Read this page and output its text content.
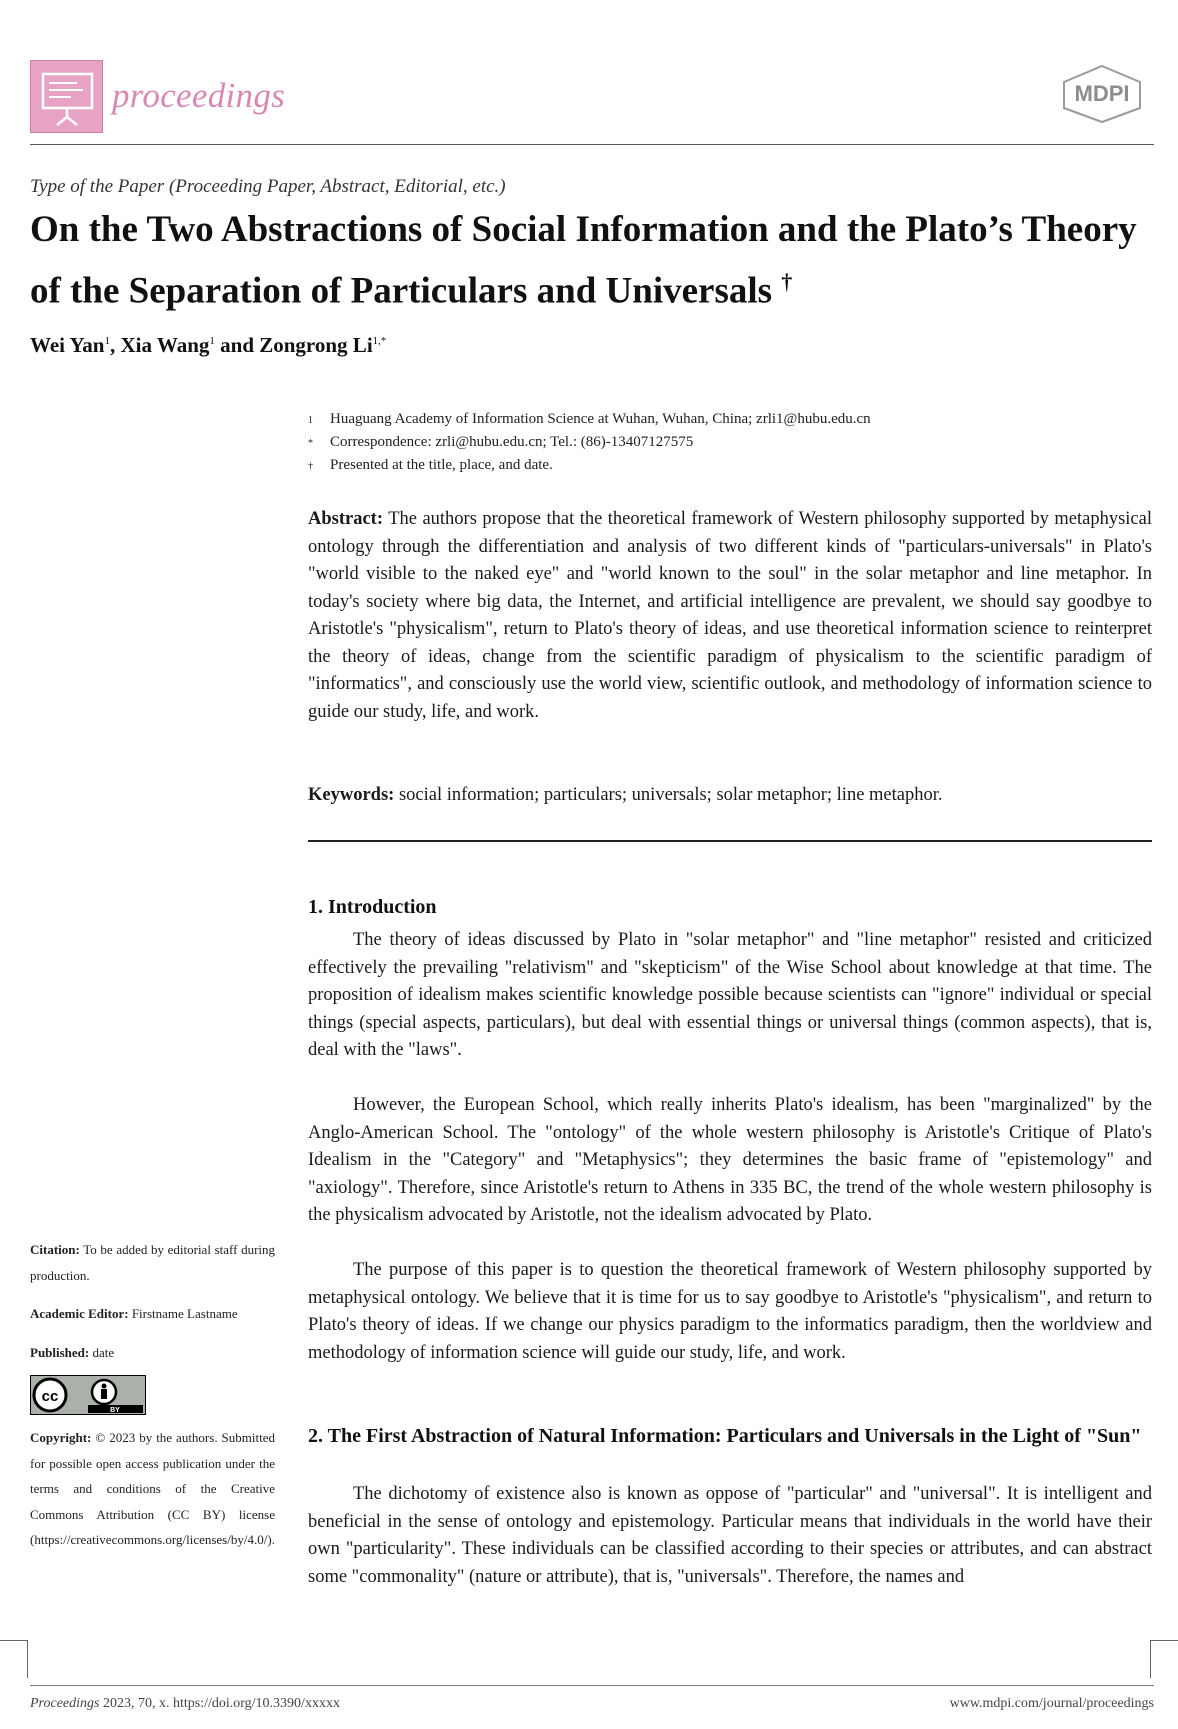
proceedings	MDPI
Type of the Paper (Proceeding Paper, Abstract, Editorial, etc.)
On the Two Abstractions of Social Information and the Plato’s Theory of the Separation of Particulars and Universals †
Wei Yan$^1$, Xia Wang$^1$ and Zongrong $Li^{1,*}$
1 Huaguang Academy of Information Science at Wuhan, Wuhan, China; zrli1@hubu.edu.cn
* Correspondence: zrli@hubu.edu.cn; Tel.: (86)-13407127575
† Presented at the title, place, and date.

Abstract: The authors propose that the theoretical framework of Western philosophy supported by metaphysical ontology through the differentiation and analysis of two different kinds of "particulars-universals" in Plato's "world visible to the naked eye" and "world known to the soul" in the solar metaphor and line metaphor. In today's society where big data, the Internet, and artificial intelligence are prevalent, we should say goodbye to Aristotle's "physicalism", return to Plato's theory of ideas, and use theoretical information science to reinterpret the theory of ideas, change from the scientific paradigm of physicalism to the scientific paradigm of "informatics", and consciously use the world view, scientific outlook, and methodology of information science to guide our study, life, and work.

Keywords: social information; particulars; universals; solar metaphor; line metaphor.

1. Introduction

The theory of ideas discussed by Plato in "solar metaphor" and "line metaphor" resisted and criticized effectively the prevailing "relativism" and "skepticism" of the Wise School about knowledge at that time. The proposition of idealism makes scientific knowledge possible because scientists can "ignore" individual or special things (special aspects, particulars), but deal with essential things or universal things (common aspects), that is, deal with the "laws".

However, the European School, which really inherits Plato's idealism, has been "marginalized" by the Anglo-American School. The "ontology" of the whole western philosophy is Aristotle's Critique of Plato's Idealism in the "Category" and "Metaphysics"; they determines the basic frame of "epistemology" and "axiology". Therefore, since Aristotle's return to Athens in 335 BC, the trend of the whole western philosophy is the physicalism advocated by Aristotle, not the idealism advocated by Plato.

The purpose of this paper is to question the theoretical framework of Western philosophy supported by metaphysical ontology. We believe that it is time for us to say goodbye to Aristotle's "physicalism", and return to Plato's theory of ideas. If we change our physics paradigm to the informatics paradigm, then the worldview and methodology of information science will guide our study, life, and work.

2. The First Abstraction of Natural Information: Particulars and Universals in the Light of "Sun"

The dichotomy of existence also is known as oppose of "particular" and "universal". It is intelligent and beneficial in the sense of ontology and epistemology. Particular means that individuals in the world have their own "particularity". These individuals can be classified according to their species or attributes, and can abstract some "commonality" (nature or attribute), that is, "universals". Therefore, the names and

Citation: To be added by editorial staff during production.

Academic Editor: Firstname Lastname

Published: date

cc
BY

Copyright: © 2023 by the authors. Submitted for possible open access publication under the terms and conditions of the Creative Commons Attribution (CC BY) license (https://creativecommons.org/licenses/by/4.0/).

Proceedings 2023, 70, x. https://doi.org/10.3390/xxxxx	www.mdpi.com/journal/proceedings
